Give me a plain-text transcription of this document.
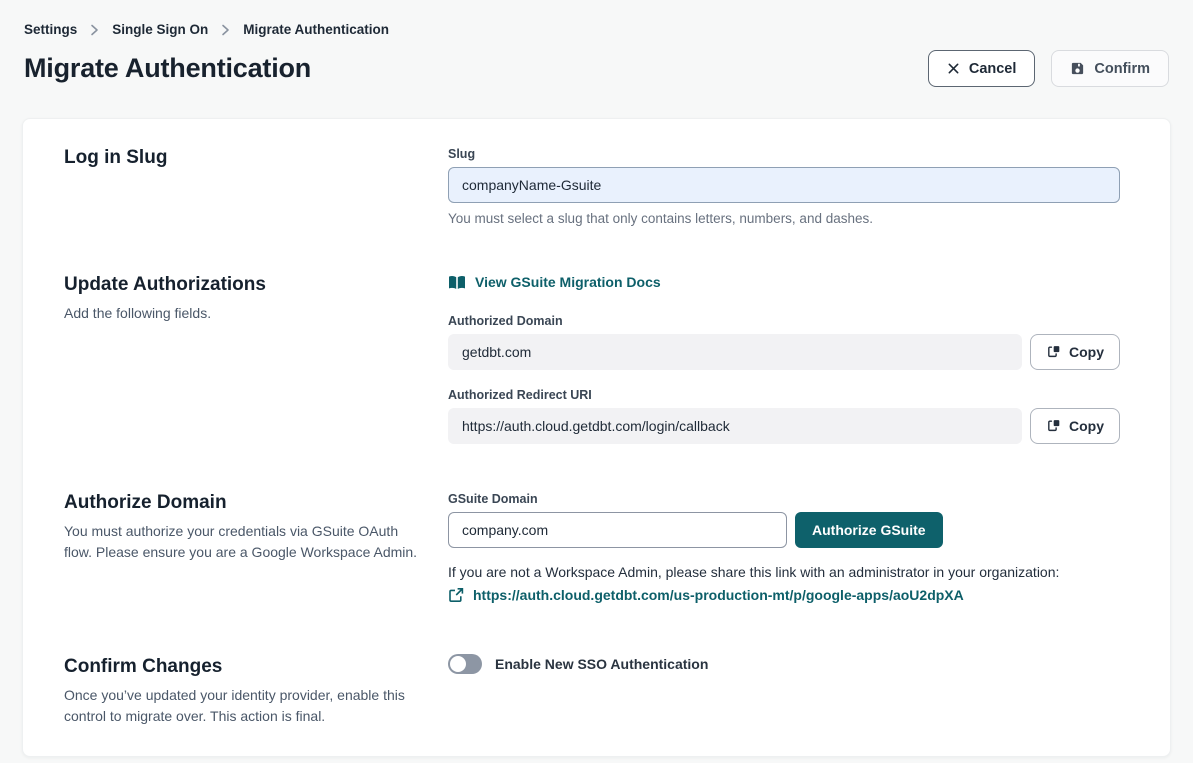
Settings	Single Sign On	Migrate Authentication
Migrate Authentication	Cancel	Confirm
Log in Slug	Slug
companyName-Gsuite

You must select a slug that only contains letters, numbers, and dashes.

Update Authorizations

Add the following fields.

View GSuite Migration Docs
Authorized Domain
getdbt.com	Copy
Authorized Redirect URI
https://auth.cloud.getdbt.com/login/callback	Copy
Authorize Domain

You must authorize your credentials via GSuite OAuth flow. Please ensure you are a Google Workspace Admin.

GSuite Domain
company.com
Authorize GSuite

If you are not a Workspace Admin, please share this link with an administrator in your organization:

https://auth.cloud.getdbt.com/us-production-mt/p/google-apps/aoU2dpXA
Confirm Changes

Once you’ve updated your identity provider, enable this control to migrate over. This action is final.

Enable New SSO Authentication
